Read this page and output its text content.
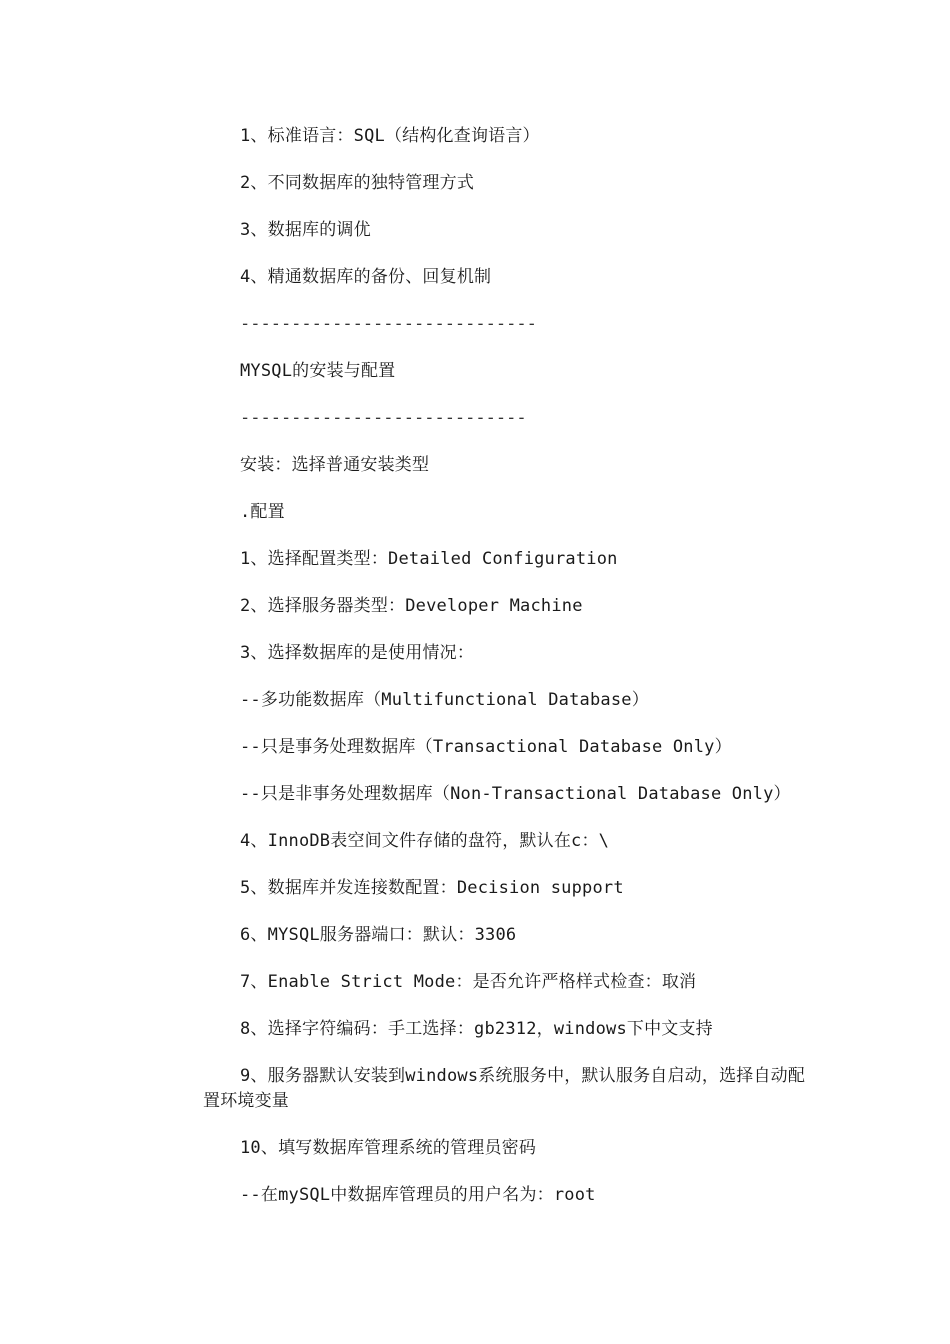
1、标准语言：SQL（结构化查询语言）

2、不同数据库的独特管理方式

3、数据库的调优

4、精通数据库的备份、回复机制

-----------------------------

MYSQL的安装与配置

----------------------------

安装：选择普通安装类型

.配置

1、选择配置类型：Detailed Configuration

2、选择服务器类型：Developer Machine

3、选择数据库的是使用情况：

--多功能数据库（Multifunctional Database）

--只是事务处理数据库（Transactional Database Only）

--只是非事务处理数据库（Non-Transactional Database Only）

4、InnoDB表空间文件存储的盘符，默认在c：\

5、数据库并发连接数配置：Decision support

6、MYSQL服务器端口：默认：3306

7、Enable Strict Mode：是否允许严格样式检查：取消

8、选择字符编码：手工选择：gb2312，windows下中文支持

9、服务器默认安装到windows系统服务中，默认服务自启动，选择自动配置环境变量

10、填写数据库管理系统的管理员密码

--在mySQL中数据库管理员的用户名为：root
